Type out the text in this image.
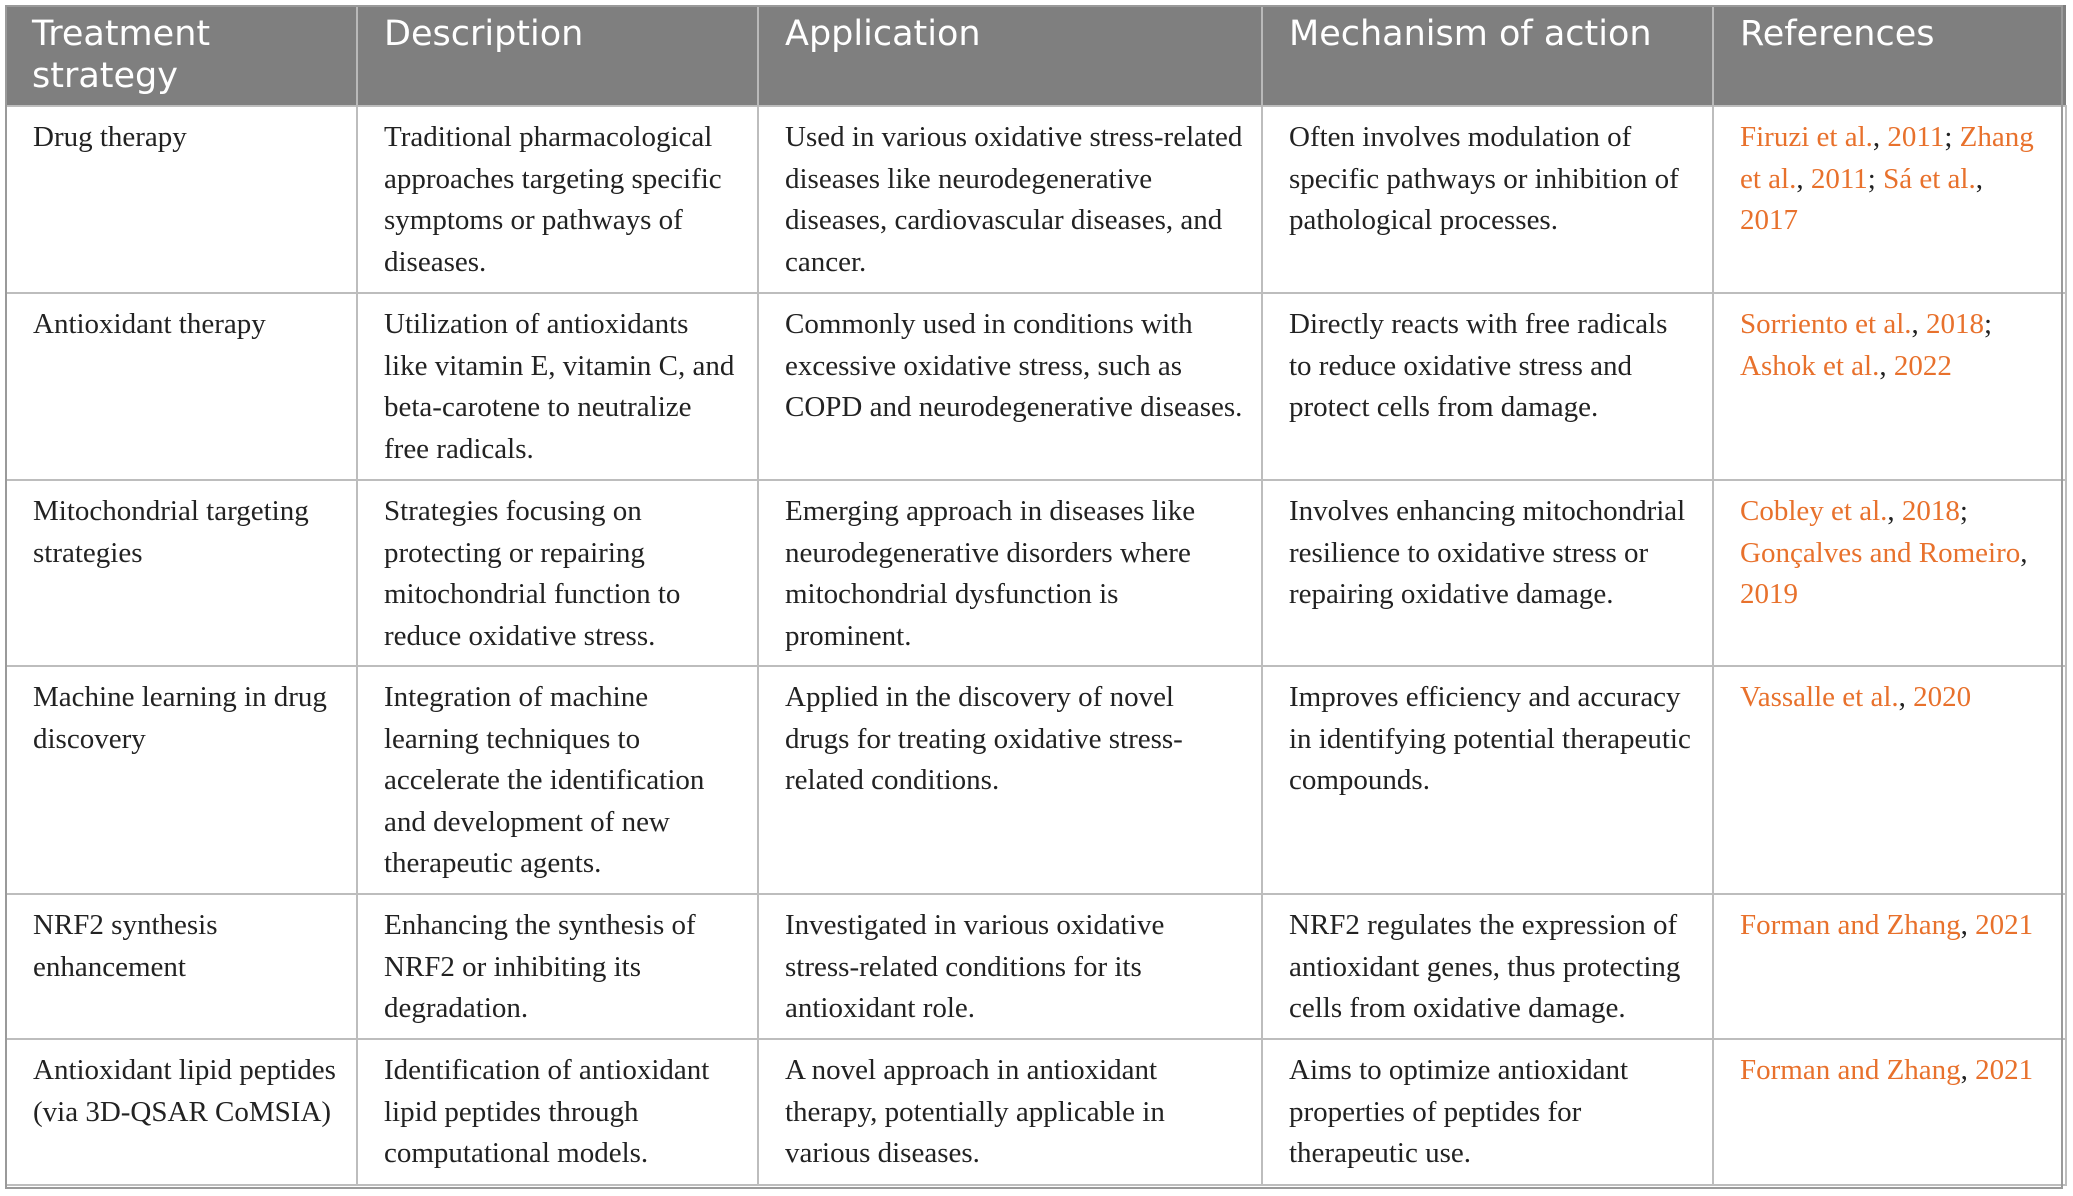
Treatment strategy	Description	Application	Mechanism of action	References
Drug therapy	Traditional pharmacological approaches targeting specific symptoms or pathways of diseases.	Used in various oxidative stress-related diseases like neurodegenerative diseases, cardiovascular diseases, and cancer.	Often involves modulation of specific pathways or inhibition of pathological processes.	Firuzi et al., 2011; Zhang et al., 2011; Sá et al., 2017
Antioxidant therapy	Utilization of antioxidants like vitamin E, vitamin C, and beta-carotene to neutralize free radicals.	Commonly used in conditions with excessive oxidative stress, such as COPD and neurodegenerative diseases.	Directly reacts with free radicals to reduce oxidative stress and protect cells from damage.	Sorriento et al., 2018; Ashok et al., 2022
Mitochondrial targeting strategies	Strategies focusing on protecting or repairing mitochondrial function to reduce oxidative stress.	Emerging approach in diseases like neurodegenerative disorders where mitochondrial dysfunction is prominent.	Involves enhancing mitochondrial resilience to oxidative stress or repairing oxidative damage.	Cobley et al., 2018; Gonçalves and Romeiro, 2019
Machine learning in drug discovery	Integration of machine learning techniques to accelerate the identification and development of new therapeutic agents.	Applied in the discovery of novel drugs for treating oxidative stress-related conditions.	Improves efficiency and accuracy in identifying potential therapeutic compounds.	Vassalle et al., 2020
NRF2 synthesis enhancement	Enhancing the synthesis of NRF2 or inhibiting its degradation.	Investigated in various oxidative stress-related conditions for its antioxidant role.	NRF2 regulates the expression of antioxidant genes, thus protecting cells from oxidative damage.	Forman and Zhang, 2021
Antioxidant lipid peptides (via 3D-QSAR CoMSIA)	Identification of antioxidant lipid peptides through computational models.	A novel approach in antioxidant therapy, potentially applicable in various diseases.	Aims to optimize antioxidant properties of peptides for therapeutic use.	Forman and Zhang, 2021
